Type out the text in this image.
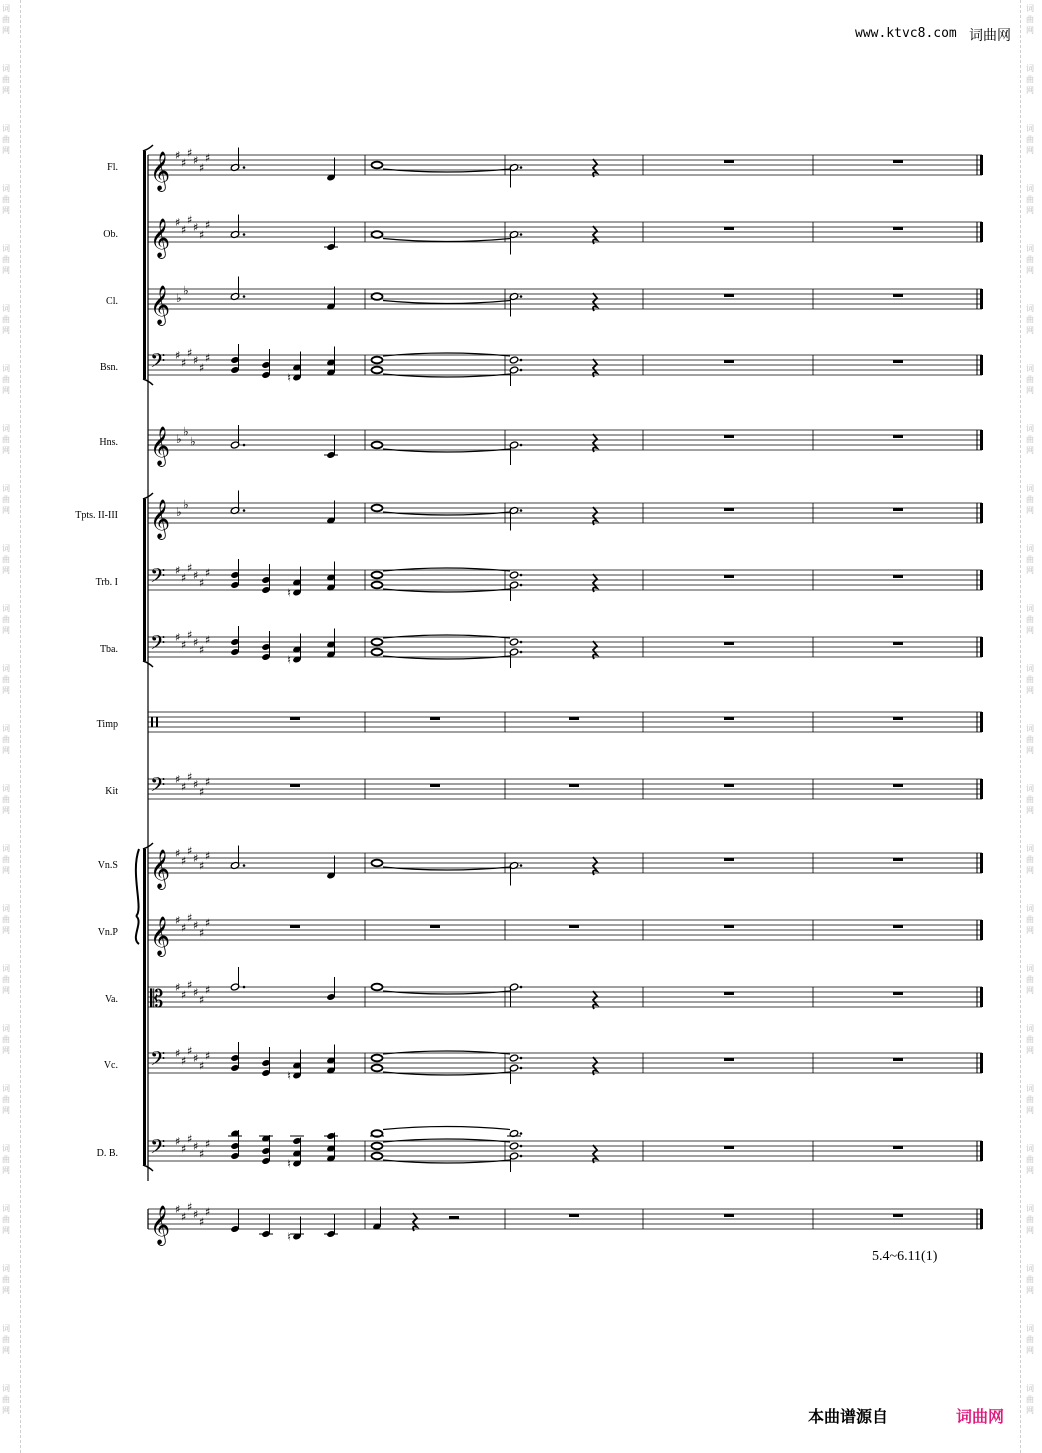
词
曲
网
词
曲
网
词
曲
网
词
曲
网
词
曲
网
词
曲
网
词
曲
网
词
曲
网
词
曲
网
词
曲
网
词
曲
网
词
曲
网
词
曲
网
词
曲
网
词
曲
网
词
曲
网
词
曲
网
词
曲
网
词
曲
网
词
曲
网
词
曲
网
词
曲
网
词
曲
网
词
曲
网
词
曲
网
词
曲
网
词
曲
网
词
曲
网
词
曲
网
词
曲
网
词
曲
网
词
曲
网
词
曲
网
词
曲
网
词
曲
网
词
曲
网
词
曲
网
词
曲
网
词
曲
网
词
曲
网
词
曲
网
词
曲
网
词
曲
网
词
曲
网
词
曲
网
词
曲
网
词
曲
网
词
曲
网
www.ktvc8.com 词曲网
Fl.
Ob.
Cl.
Bsn.
Hns.
Tpts. II-III
Trb. I
Tba.
Timp
Kit
Vn.S
Vn.P
Va.
Vc.
D. B.
𝄞 ♯
♯
♯
♯
♯
♯
𝄞 ♯
♯
♯
♯
♯
♯
𝄞 ♭
♭
𝄢 ♯
♯
♯
♯
♯
♯
𝄞 ♭
♭
♭
𝄞 ♭
♭
𝄢 ♯
♯
♯
♯
♯
♯
𝄢 ♯
♯
♯
♯
♯
♯
𝄢 ♯
♯
♯
♯
♯
♯
𝄞 ♯
♯
♯
♯
♯
♯
𝄞 ♯
♯
♯
♯
♯
♯
𝄡 ♯
♯
♯
♯
♯
♯
𝄢 ♯
♯
♯
♯
♯
♯
𝄢 ♯
♯
♯
♯
♯
♯
𝄞 ♯
♯
♯
♯
♯
♯
♮
♮
♮
♮
♮
♮
5.4~6.11(1)
本曲谱源自	词曲网
